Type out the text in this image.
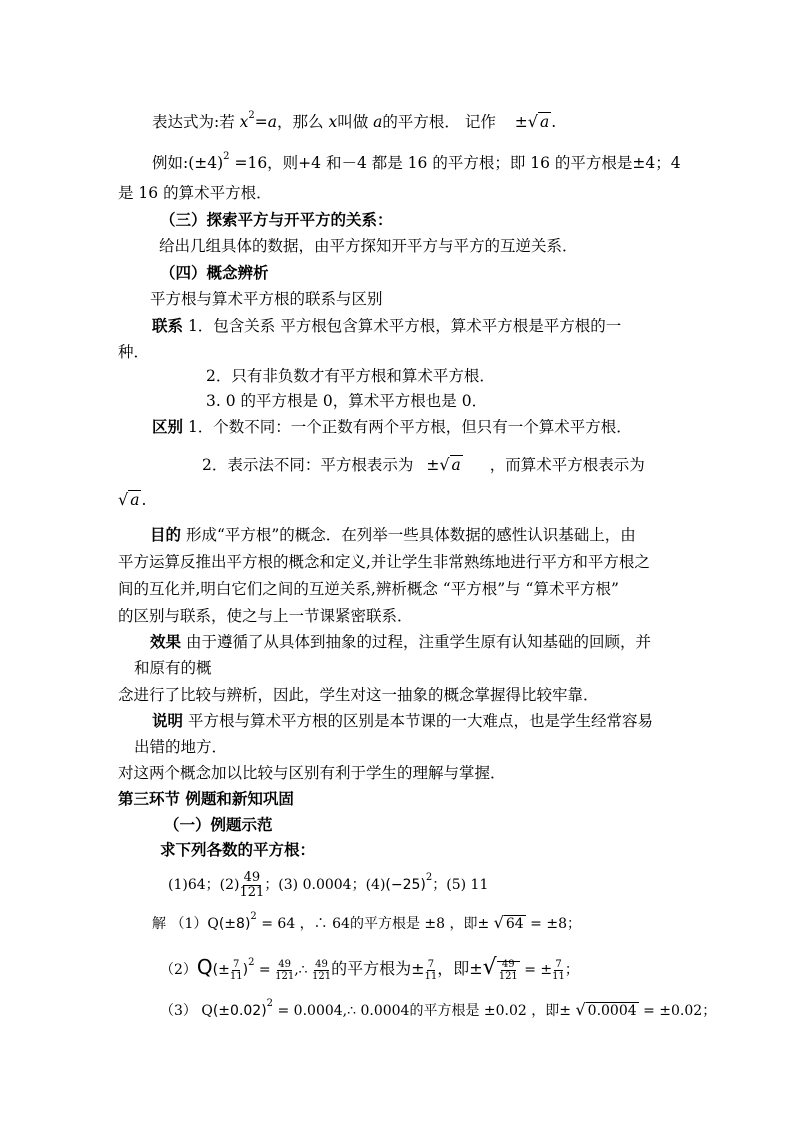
表达式为:若 $x^2=a$，那么 x叫做 a的平方根． 记作 ±√ a .
例如$:(\pm 4)^2 =16$，则+4 和－4 都是 16 的平方根；即 16 的平方根是±4；4
是 16 的算术平方根．
（三）探索平方与开平方的关系：
给出几组具体的数据，由平方探知开平方与平方的互逆关系．
（四）概念辨析
平方根与算术平方根的联系与区别
联系 1．包含关系 平方根包含算术平方根，算术平方根是平方根的一
种．
2．只有非负数才有平方根和算术平方根．
3. 0 的平方根是 0，算术平方根也是 0．
区别 1．个数不同：一个正数有两个平方根，但只有一个算术平方根．
2．表示法不同：平方根表示为 ±√ a ，而算术平方根表示为
√ a .
目的 形成“平方根”的概念．在列举一些具体数据的感性认识基础上，由
平方运算反推出平方根的概念和定义,并让学生非常熟练地进行平方和平方根之
间的互化并,明白它们之间的互逆关系,辨析概念 “平方根”与 “算术平方根”
的区别与联系，使之与上一节课紧密联系．
效果 由于遵循了从具体到抽象的过程，注重学生原有认知基础的回顾，并
和原有的概
念进行了比较与辨析，因此，学生对这一抽象的概念掌握得比较牢靠．
说明 平方根与算术平方根的区别是本节课的一大难点，也是学生经常容易
出错的地方．
对这两个概念加以比较与区别有利于学生的理解与掌握．
第三环节 例题和新知巩固
（一）例题示范
求下列各数的平方根：
(1)64；$(2) \frac{49}{121}$ ；(3) 0.0004；$(4)(-25)^2$；(5) 11
解 $(1)Q(\pm 8)^2 = 64$ ，∴ 64的平方根是 ±8 ，即± √ 64 = ±8；
$(2)Q(\pm \frac{7}{11} )^2 = \frac{49}{121}$ ,∴ $\frac{49}{121}$ 的平方根为± $\frac{7}{11}$ ，即±√ $\frac{49}{121}$ = ± $\frac{7}{11}$ ；
（3） $Q(\pm 0.02)^2$ = 0.0004,∴ 0.0004的平方根是 ±0.02 ，即± √ 0.0004 = ±0.02；
